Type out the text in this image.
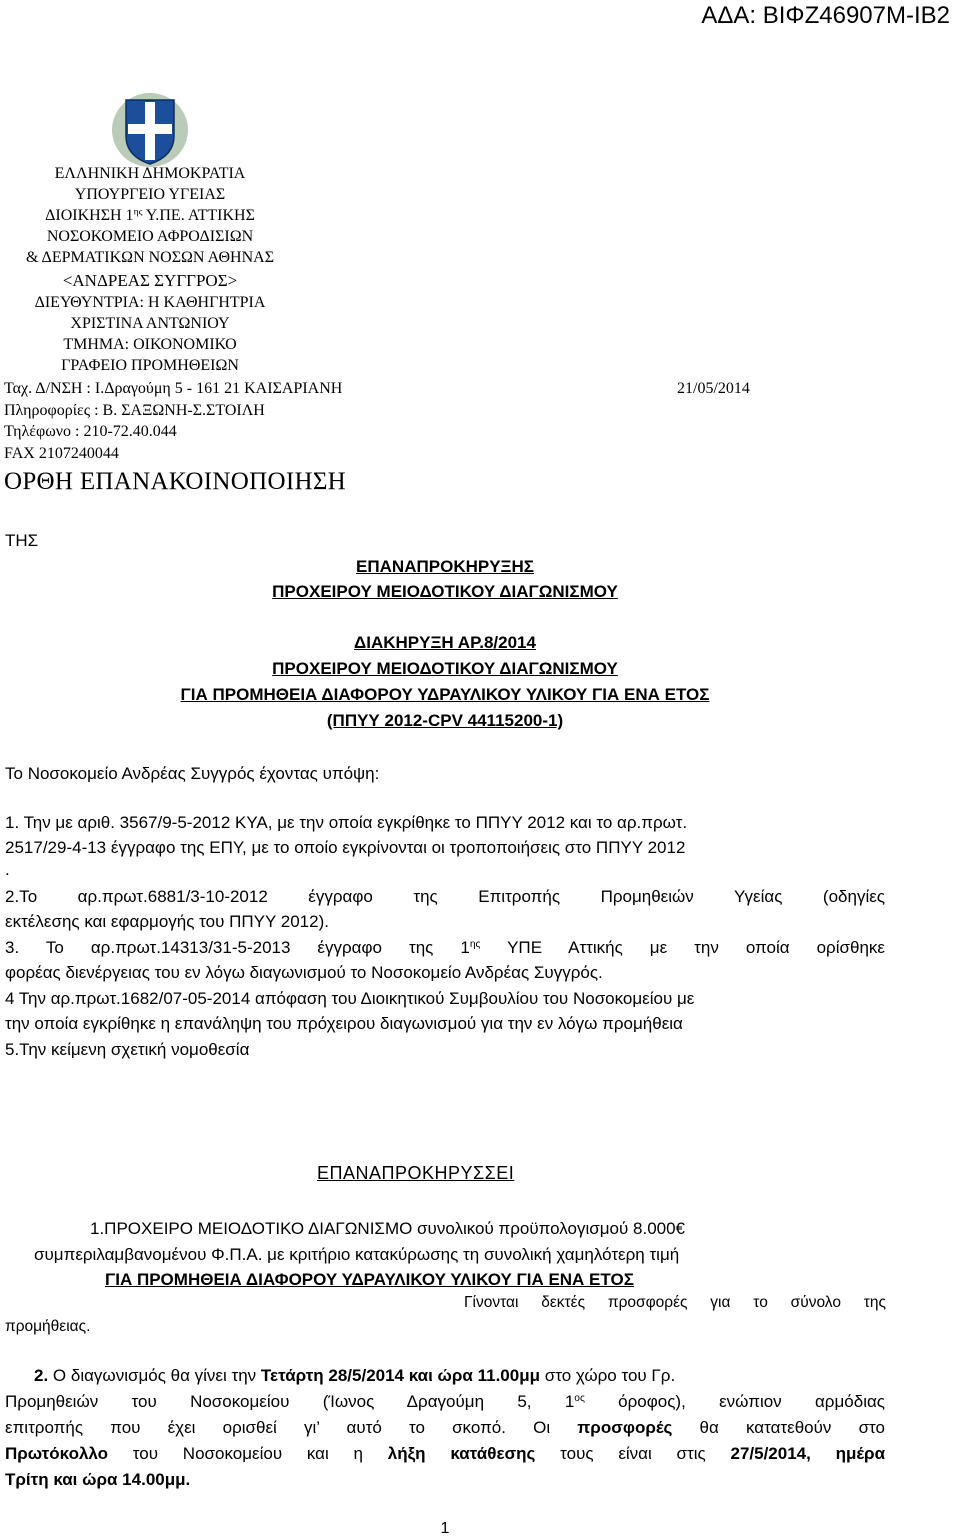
ΑΔΑ: ΒΙΦΖ46907Μ-ΙΒ2
ΕΛΛΗΝΙΚΗ ΔΗΜΟΚΡΑΤΙΑ
ΥΠΟΥΡΓΕΙΟ ΥΓΕΙΑΣ
ΔΙΟΙΚΗΣΗ $1^{\eta\varsigma}$ Υ.ΠΕ. ΑΤΤΙΚΗΣ
ΝΟΣΟΚΟΜΕΙΟ ΑΦΡΟΔΙΣΙΩΝ
& ΔΕΡΜΑΤΙΚΩΝ ΝΟΣΩΝ ΑΘΗΝΑΣ
<ΑΝΔΡΕΑΣ ΣΥΓΓΡΟΣ>
ΔΙΕΥΘΥΝΤΡΙΑ: Η ΚΑΘΗΓΗΤΡΙΑ
ΧΡΙΣΤΙΝΑ ΑΝΤΩΝΙΟΥ
ΤΜΗΜΑ: ΟΙΚΟΝΟΜΙΚΟ
ΓΡΑΦΕΙΟ ΠΡΟΜΗΘΕΙΩΝ
Ταχ. Δ/ΝΣΗ : Ι.Δραγούμη 5 - 161 21 ΚΑΙΣΑΡΙΑΝΗ	21/05/2014
Πληροφορίες : Β. ΣΑΞΩΝΗ-Σ.ΣΤΟΙΛΗ
Τηλέφωνο : 210-72.40.044
FAX 2107240044
ΟΡΘΗ ΕΠΑΝΑΚΟΙΝΟΠΟΙΗΣΗ
ΤΗΣ
ΕΠΑΝΑΠΡΟΚΗΡΥΞΗΣ
ΠΡΟΧΕΙΡΟΥ ΜΕΙΟΔΟΤΙΚΟΥ ΔΙΑΓΩΝΙΣΜΟΥ
ΔΙΑΚΗΡΥΞΗ ΑΡ.8/2014
ΠΡΟΧΕΙΡΟΥ ΜΕΙΟΔΟΤΙΚΟΥ ΔΙΑΓΩΝΙΣΜΟΥ
ΓΙΑ ΠΡΟΜΗΘΕΙΑ ΔΙΑΦΟΡΟΥ ΥΔΡΑΥΛΙΚΟΥ ΥΛΙΚΟΥ ΓΙΑ ΕΝΑ ΕΤΟΣ
(ΠΠΥΥ 2012-CPV 44115200-1)
Το Νοσοκομείο Ανδρέας Συγγρός έχοντας υπόψη:
1. Την με αριθ. 3567/9-5-2012 ΚΥΑ, με την οποία εγκρίθηκε το ΠΠΥΥ 2012 και το αρ.πρωτ.
2517/29-4-13 έγγραφο της ΕΠΥ, με το οποίο εγκρίνονται οι τροποποιήσεις στο ΠΠΥΥ 2012
.
2.Το αρ.πρωτ.6881/3-10-2012 έγγραφο της Επιτροπής Προμηθειών Υγείας (οδηγίες
εκτέλεσης και εφαρμογής του ΠΠΥΥ 2012).
3. Το αρ.πρωτ.14313/31-5-2013 έγγραφο της $1^{\eta\varsigma}$ ΥΠΕ Αττικής με την οποία ορίσθηκε
φορέας διενέργειας του εν λόγω διαγωνισμού το Νοσοκομείο Ανδρέας Συγγρός.
4 Την αρ.πρωτ.1682/07-05-2014 απόφαση του Διοικητικού Συμβουλίου του Νοσοκομείου με
την οποία εγκρίθηκε η επανάληψη του πρόχειρου διαγωνισμού για την εν λόγω προμήθεια
5.Την κείμενη σχετική νομοθεσία
ΕΠΑΝΑΠΡΟΚΗΡΥΣΣΕΙ
1.ΠΡΟΧΕΙΡΟ ΜΕΙΟΔΟΤΙΚΟ ΔΙΑΓΩΝΙΣΜΟ συνολικού προϋπολογισμού 8.000€
συμπεριλαμβανομένου Φ.Π.Α. με κριτήριο κατακύρωσης τη συνολική χαμηλότερη τιμή
ΓΙΑ ΠΡΟΜΗΘΕΙΑ ΔΙΑΦΟΡΟΥ ΥΔΡΑΥΛΙΚΟΥ ΥΛΙΚΟΥ ΓΙΑ ΕΝΑ ΕΤΟΣ
Γίνονται δεκτές προσφορές για το σύνολο της
προμήθειας.
2. Ο διαγωνισμός θα γίνει την Τετάρτη 28/5/2014 και ώρα 11.00μμ στο χώρο του Γρ.
Προμηθειών του Νοσοκομείου (Ίωνος Δραγούμη 5, $1^{o\varsigma}$ όροφος), ενώπιον αρμόδιας
επιτροπής που έχει ορισθεί γι’ αυτό το σκοπό. Οι προσφορές θα κατατεθούν στο
Πρωτόκολλο του Νοσοκομείου και η λήξη κατάθεσης τους είναι στις 27/5/2014, ημέρα
Τρίτη και ώρα 14.00μμ.
1
